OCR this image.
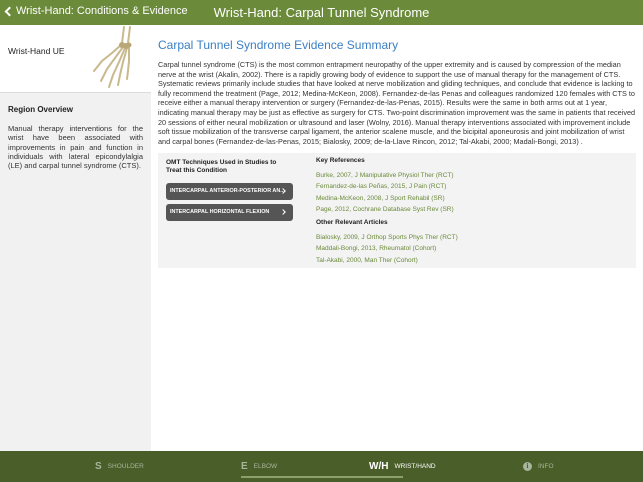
Wrist-Hand: Conditions & Evidence	Wrist-Hand: Carpal Tunnel Syndrome
Wrist-Hand UE
Region Overview
Manual therapy interventions for the wrist have been associated with improvements in pain and function in individuals with lateral epicondylalgia (LE) and carpal tunnel syndrome (CTS).
Carpal Tunnel Syndrome Evidence Summary
Carpal tunnel syndrome (CTS) is the most common entrapment neuropathy of the upper extremity and is caused by compression of the median nerve at the wrist (Akalin, 2002). There is a rapidly growing body of evidence to support the use of manual therapy for the management of CTS. Systematic reviews primarily include studies that have looked at nerve mobilization and gliding techniques, and conclude that evidence is lacking to fully recommend the treatment (Page, 2012; Medina-McKeon, 2008). Fernandez-de-las Penas and colleagues randomized 120 females with CTS to receive either a manual therapy intervention or surgery (Fernandez-de-las-Penas, 2015). Results were the same in both arms out at 1 year, indicating manual therapy may be just as effective as surgery for CTS. Two-point discrimination improvement was the same in patients that received 20 sessions of either neural mobilization or ultrasound and laser (Wolny, 2016). Manual therapy interventions associated with improvement include soft tissue mobilization of the transverse carpal ligament, the anterior scalene muscle, and the bicipital aponeurosis and joint mobilization of wrist and carpal bones (Fernandez-de-las-Penas, 2015; Bialosky, 2009; de-la-Llave Rincon, 2012; Tal-Akabi, 2000; Madali-Bongi, 2013) .
OMT Techniques Used in Studies to Treat this Condition
INTERCARPAL ANTERIOR-POSTERIOR AN...
INTERCARPAL HORIZONTAL FLEXION
Key References
Burke, 2007, J Manipulative Physiol Ther (RCT)
Fernandez-de-las Peñas, 2015, J Pain (RCT)
Medina-McKeon, 2008, J Sport Rehabil (SR)
Page, 2012, Cochrane Database Syst Rev (SR)
Other Relevant Articles
Bialosky, 2009, J Orthop Sports Phys Ther (RCT)
Maddali-Bongi, 2013, Rheumatol (Cohort)
Tal-Akabi, 2000, Man Ther (Cohort)
S SHOULDER	E ELBOW	W/H WRIST/HAND	i	INFO
